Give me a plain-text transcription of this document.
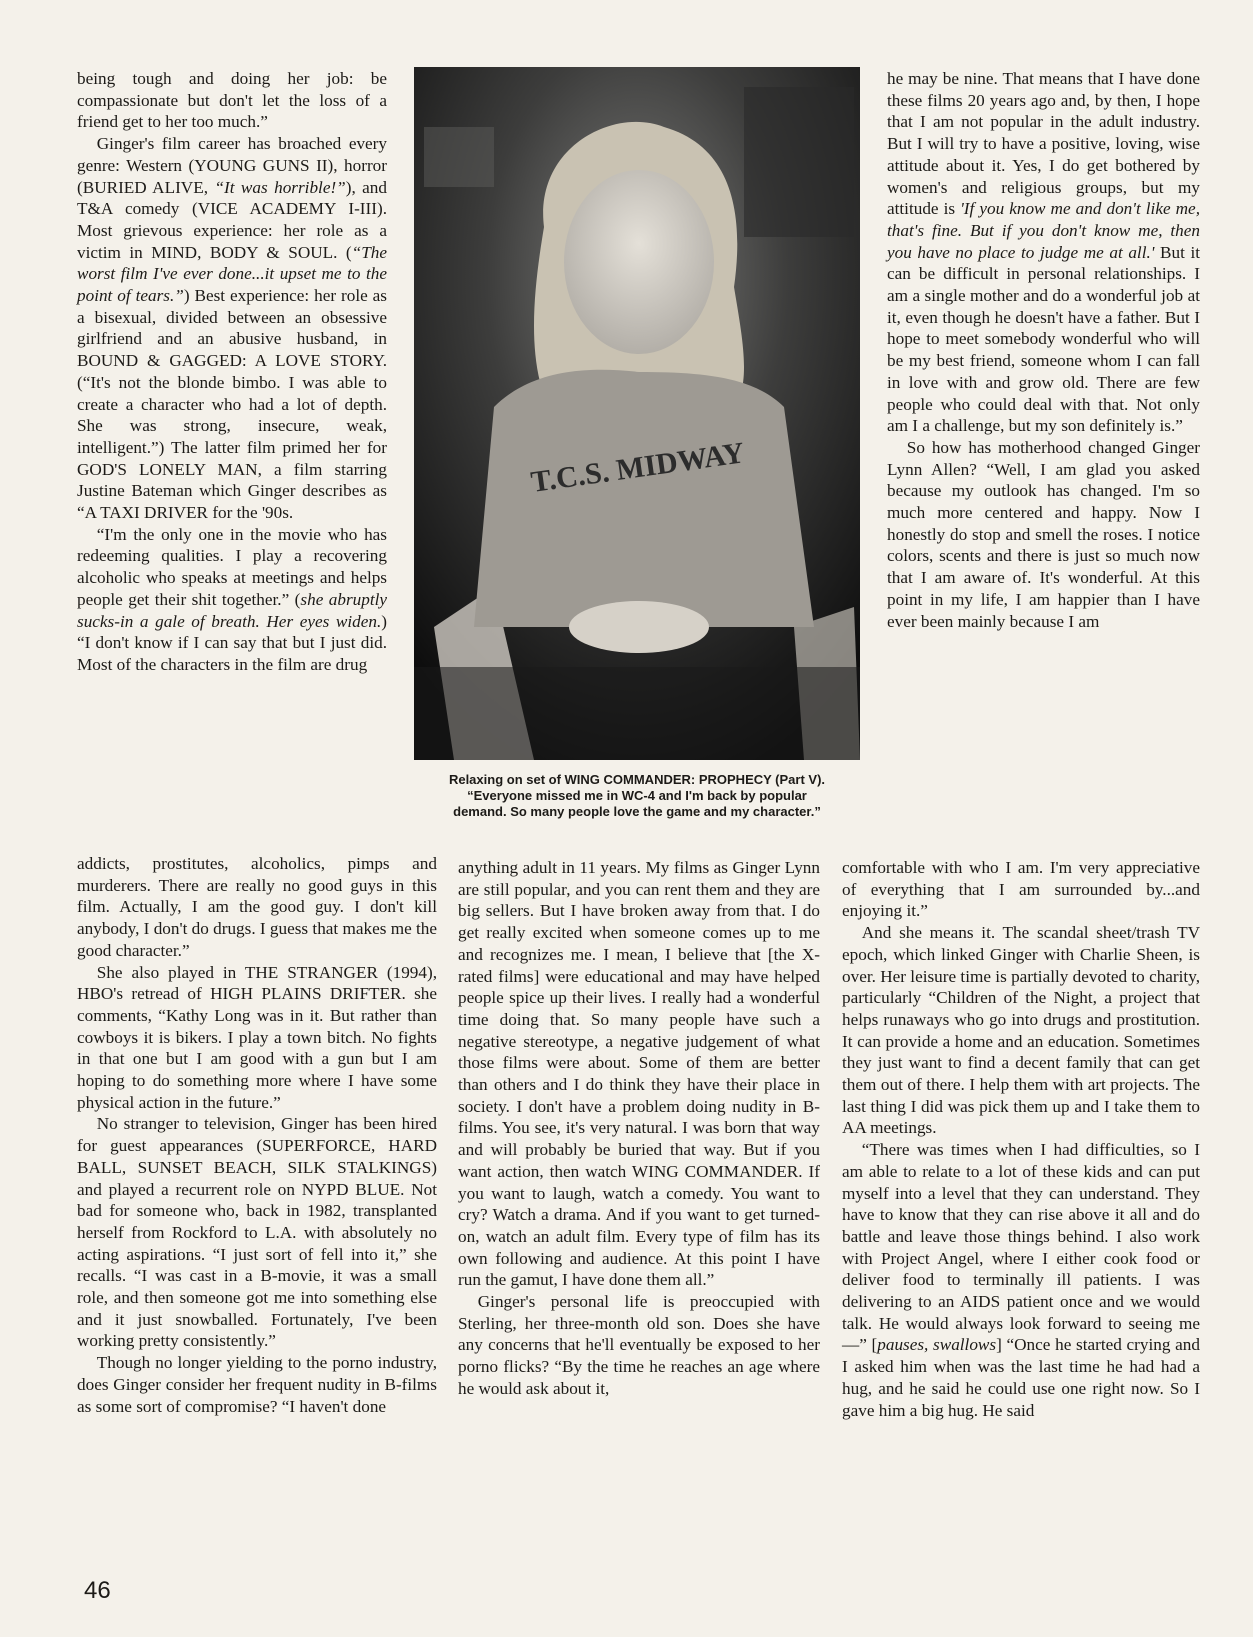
being tough and doing her job: be compassionate but don't let the loss of a friend get to her too much.”

Ginger's film career has broached every genre: Western (YOUNG GUNS II), horror (BURIED ALIVE, “It was horrible!”), and T&A comedy (VICE ACADEMY I-III). Most grievous experience: her role as a victim in MIND, BODY & SOUL. (“The worst film I've ever done...it upset me to the point of tears.”) Best experience: her role as a bisexual, divided between an obsessive girlfriend and an abusive husband, in BOUND & GAGGED: A LOVE STORY. (“It's not the blonde bimbo. I was able to create a character who had a lot of depth. She was strong, insecure, weak, intelligent.”) The latter film primed her for GOD'S LONELY MAN, a film starring Justine Bateman which Ginger describes as “A TAXI DRIVER for the '90s.

“I'm the only one in the movie who has redeeming qualities. I play a recovering alcoholic who speaks at meetings and helps people get their shit together.” (she abruptly sucks-in a gale of breath. Her eyes widen.) “I don't know if I can say that but I just did. Most of the characters in the film are drug

addicts, prostitutes, alcoholics, pimps and murderers. There are really no good guys in this film. Actually, I am the good guy. I don't kill anybody, I don't do drugs. I guess that makes me the good character.”

She also played in THE STRANGER (1994), HBO's retread of HIGH PLAINS DRIFTER. she comments, “Kathy Long was in it. But rather than cowboys it is bikers. I play a town bitch. No fights in that one but I am good with a gun but I am hoping to do something more where I have some physical action in the future.”

No stranger to television, Ginger has been hired for guest appearances (SUPERFORCE, HARD BALL, SUNSET BEACH, SILK STALKINGS) and played a recurrent role on NYPD BLUE. Not bad for someone who, back in 1982, transplanted herself from Rockford to L.A. with absolutely no acting aspirations. “I just sort of fell into it,” she recalls. “I was cast in a B-movie, it was a small role, and then someone got me into something else and it just snowballed. Fortunately, I've been working pretty consistently.”

Though no longer yielding to the porno industry, does Ginger consider her frequent nudity in B-films as some sort of compromise? “I haven't done

T.C.S. MIDWAY
Relaxing on set of WING COMMANDER: PROPHECY (Part V).
“Everyone missed me in WC-4 and I'm back by popular
demand. So many people love the game and my character.”

anything adult in 11 years. My films as Ginger Lynn are still popular, and you can rent them and they are big sellers. But I have broken away from that. I do get really excited when someone comes up to me and recognizes me. I mean, I believe that [the X-rated films] were educational and may have helped people spice up their lives. I really had a wonderful time doing that. So many people have such a negative stereotype, a negative judgement of what those films were about. Some of them are better than others and I do think they have their place in society. I don't have a problem doing nudity in B-films. You see, it's very natural. I was born that way and will probably be buried that way. But if you want action, then watch WING COMMANDER. If you want to laugh, watch a comedy. You want to cry? Watch a drama. And if you want to get turned-on, watch an adult film. Every type of film has its own following and audience. At this point I have run the gamut, I have done them all.”

Ginger's personal life is preoccupied with Sterling, her three-month old son. Does she have any concerns that he'll eventually be exposed to her porno flicks? “By the time he reaches an age where he would ask about it,

he may be nine. That means that I have done these films 20 years ago and, by then, I hope that I am not popular in the adult industry. But I will try to have a positive, loving, wise attitude about it. Yes, I do get bothered by women's and religious groups, but my attitude is 'If you know me and don't like me, that's fine. But if you don't know me, then you have no place to judge me at all.' But it can be difficult in personal relationships. I am a single mother and do a wonderful job at it, even though he doesn't have a father. But I hope to meet somebody wonderful who will be my best friend, someone whom I can fall in love with and grow old. There are few people who could deal with that. Not only am I a challenge, but my son definitely is.”

So how has motherhood changed Ginger Lynn Allen? “Well, I am glad you asked because my outlook has changed. I'm so much more centered and happy. Now I honestly do stop and smell the roses. I notice colors, scents and there is just so much now that I am aware of. It's wonderful. At this point in my life, I am happier than I have ever been mainly because I am

comfortable with who I am. I'm very appreciative of everything that I am surrounded by...and enjoying it.”

And she means it. The scandal sheet/trash TV epoch, which linked Ginger with Charlie Sheen, is over. Her leisure time is partially devoted to charity, particularly “Children of the Night, a project that helps runaways who go into drugs and prostitution. It can provide a home and an education. Sometimes they just want to find a decent family that can get them out of there. I help them with art projects. The last thing I did was pick them up and I take them to AA meetings.

“There was times when I had difficulties, so I am able to relate to a lot of these kids and can put myself into a level that they can understand. They have to know that they can rise above it all and do battle and leave those things behind. I also work with Project Angel, where I either cook food or deliver food to terminally ill patients. I was delivering to an AIDS patient once and we would talk. He would always look forward to seeing me—” [pauses, swallows] “Once he started crying and I asked him when was the last time he had had a hug, and he said he could use one right now. So I gave him a big hug. He said

46
